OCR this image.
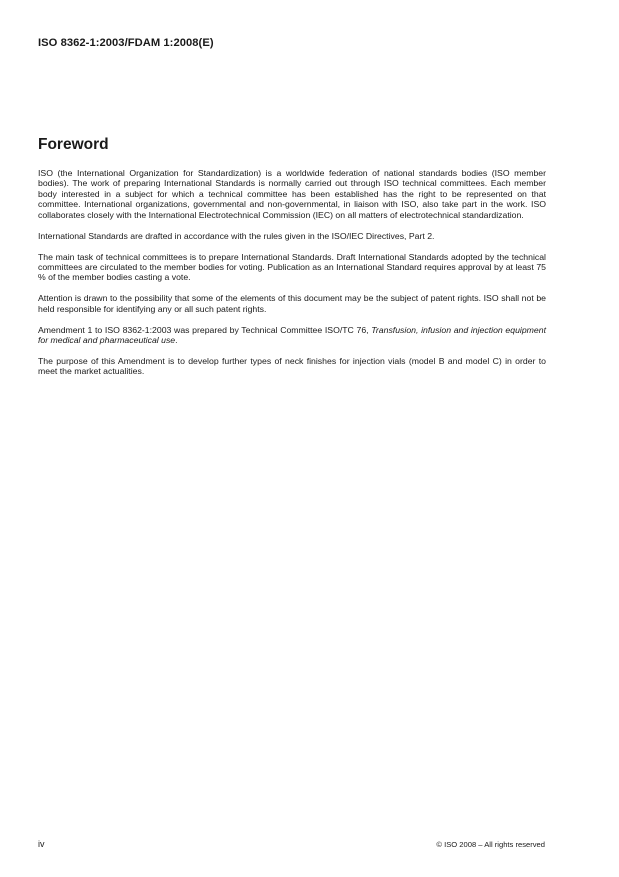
ISO 8362-1:2003/FDAM 1:2008(E)
Foreword

ISO (the International Organization for Standardization) is a worldwide federation of national standards bodies (ISO member bodies). The work of preparing International Standards is normally carried out through ISO technical committees. Each member body interested in a subject for which a technical committee has been established has the right to be represented on that committee. International organizations, governmental and non-governmental, in liaison with ISO, also take part in the work. ISO collaborates closely with the International Electrotechnical Commission (IEC) on all matters of electrotechnical standardization.

International Standards are drafted in accordance with the rules given in the ISO/IEC Directives, Part 2.

The main task of technical committees is to prepare International Standards. Draft International Standards adopted by the technical committees are circulated to the member bodies for voting. Publication as an International Standard requires approval by at least 75 % of the member bodies casting a vote.

Attention is drawn to the possibility that some of the elements of this document may be the subject of patent rights. ISO shall not be held responsible for identifying any or all such patent rights.

Amendment 1 to ISO 8362-1:2003 was prepared by Technical Committee ISO/TC 76, Transfusion, infusion and injection equipment for medical and pharmaceutical use.

The purpose of this Amendment is to develop further types of neck finishes for injection vials (model B and model C) in order to meet the market actualities.

iv	© ISO 2008 – All rights reserved
